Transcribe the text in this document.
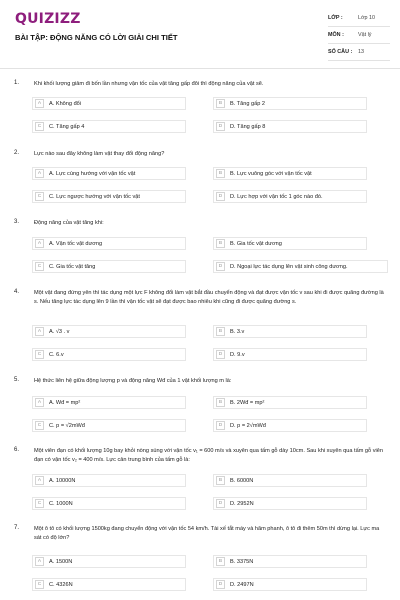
QUIZIZZ
BÀI TẬP: ĐỘNG NĂNG CÓ LỜI GIẢI CHI TIẾT
LỚP :	Lớp 10
MÔN :	Vật lý
SỐ CÂU :	13
1.	Khi khối lượng giảm đi bốn lần nhưng vận tốc của vật tăng gấp đôi thì động năng của vật sẽ.
A	A. Không đổi	B	B. Tăng gấp 2
C	C. Tăng gấp 4	D	D. Tăng gấp 8
2.	Lực nào sau đây không làm vật thay đổi động năng?
A	A. Lực cùng hướng với vận tốc vật	B	B. Lực vuông góc với vận tốc vật
C	C. Lực ngược hướng với vận tốc vật	D	D. Lực hợp với vận tốc 1 góc nào đó.
3.	Động năng của vật tăng khi:
A	A. Vận tốc vật dương	B	B. Gia tốc vật dương
C	C. Gia tốc vật tăng	D	D. Ngoại lực tác dụng lên vật sinh công dương.
4.	Một vật đang đứng yên thì tác dụng một lực F không đổi làm vật bắt đầu chuyển động và đạt được vận tốc v sau khi đi được quãng đường là s. Nếu tăng lực tác dụng lên 9 lần thì vận tốc vật sẽ đạt được bao nhiêu khi cũng đi được quãng đường s.
A	A. √3 . v	B	B. 3.v
C	C. 6.v	D	D. 9.v
5.	Hệ thức liên hệ giữa động lượng p và động năng Wđ của 1 vật khối lượng m là:
A	A. Wđ = mp²	B	B. 2Wđ = mp²
C	C. p = √2mWđ	D	D. p = 2√mWđ
6.	Một viên đạn có khối lượng 10g bay khỏi nòng súng với vận tốc v₁ = 600 m/s và xuyên qua tấm gỗ dày 10cm. Sau khi xuyên qua tấm gỗ viên đạn có vận tốc v₂ = 400 m/s. Lực cản trung bình của tấm gỗ là:
A	A. 10000N	B	B. 6000N
C	C. 1000N	D	D. 2952N
7.	Một ô tô có khối lượng 1500kg đang chuyển động với vận tốc 54 km/h. Tài xế tắt máy và hãm phanh, ô tô đi thêm 50m thì dừng lại. Lực ma sát có độ lớn?
A	A. 1500N	B	B. 3375N
C	C. 4326N	D	D. 2497N
